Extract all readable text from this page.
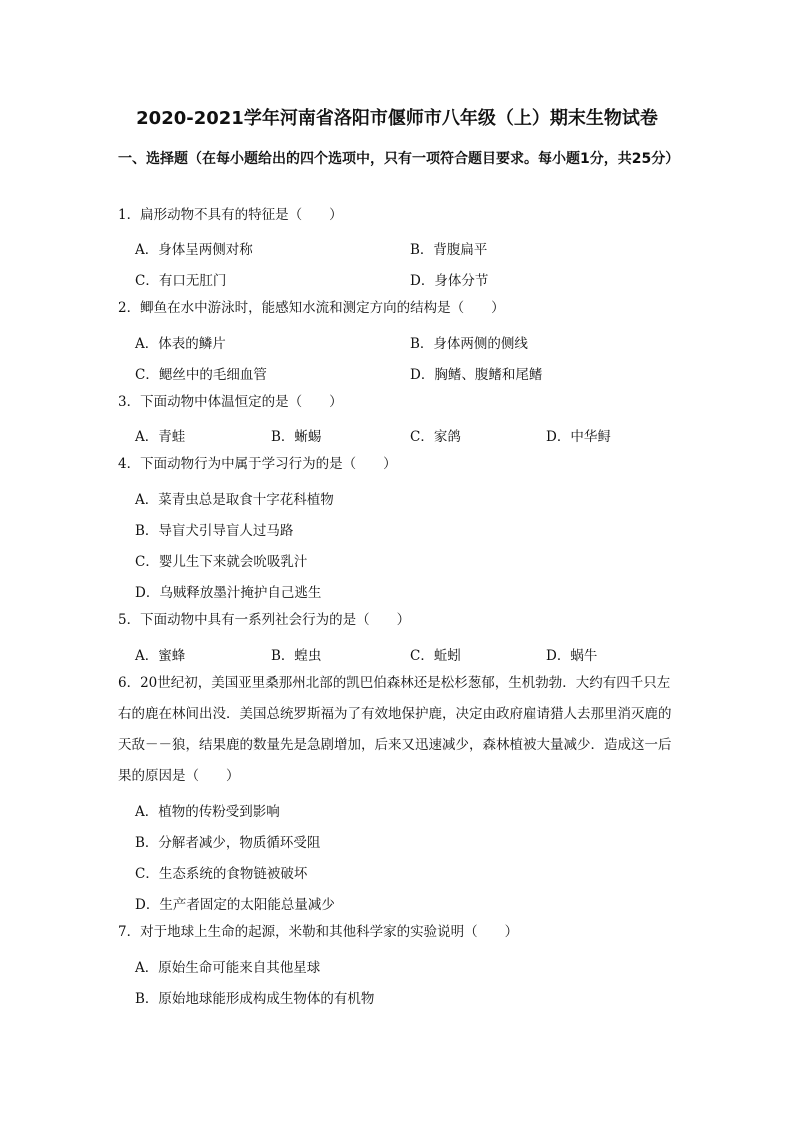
2020-2021学年河南省洛阳市偃师市八年级（上）期末生物试卷
一、选择题（在每小题给出的四个选项中，只有一项符合题目要求。每小题1分，共25分）
1．扁形动物不具有的特征是（　　）
A．身体呈两侧对称	B．背腹扁平
C．有口无肛门	D．身体分节
2．鲫鱼在水中游泳时，能感知水流和测定方向的结构是（　　）
A．体表的鳞片	B．身体两侧的侧线
C．鳃丝中的毛细血管	D．胸鳍、腹鳍和尾鳍
3．下面动物中体温恒定的是（　　）
A．青蛙	B．蜥蜴	C．家鸽	D．中华鲟
4．下面动物行为中属于学习行为的是（　　）
A．菜青虫总是取食十字花科植物
B．导盲犬引导盲人过马路
C．婴儿生下来就会吮吸乳汁
D．乌贼释放墨汁掩护自己逃生
5．下面动物中具有一系列社会行为的是（　　）
A．蜜蜂	B．蝗虫	C．蚯蚓	D．蜗牛
6．20世纪初，美国亚里桑那州北部的凯巴伯森林还是松杉葱郁，生机勃勃．大约有四千只左右的鹿在林间出没．美国总统罗斯福为了有效地保护鹿，决定由政府雇请猎人去那里消灭鹿的天敌－－狼，结果鹿的数量先是急剧增加，后来又迅速减少，森林植被大量减少．造成这一后果的原因是（　　）
A．植物的传粉受到影响
B．分解者减少，物质循环受阻
C．生态系统的食物链被破坏
D．生产者固定的太阳能总量减少
7．对于地球上生命的起源，米勒和其他科学家的实验说明（　　）
A．原始生命可能来自其他星球
B．原始地球能形成构成生物体的有机物
